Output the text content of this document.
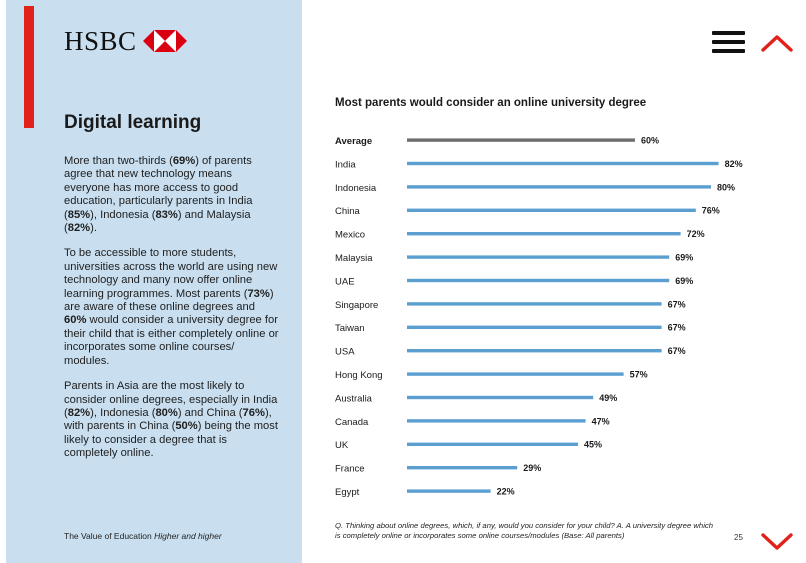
HSBC
Digital learning

More than two-thirds (69%) of parents agree that new technology means everyone has more access to good education, particularly parents in India (85%), Indonesia (83%) and Malaysia (82%).

To be accessible to more students, universities across the world are using new technology and many now offer online learning programmes. Most parents (73%) are aware of these online degrees and 60% would consider a university degree for their child that is either completely online or incorporates some online courses/ modules.

Parents in Asia are the most likely to consider online degrees, especially in India (82%), Indonesia (80%) and China (76%), with parents in China (50%) being the most likely to consider a degree that is completely online.

The Value of Education Higher and higher
Most parents would consider an online university degree
Average	60%
India	82%
Indonesia	80%
China	76%
Mexico	72%
Malaysia	69%
UAE	69%
Singapore	67%
Taiwan	67%
USA	67%
Hong Kong	57%
Australia	49%
Canada	47%
UK	45%
France	29%
Egypt	22%
Q. Thinking about online degrees, which, if any, would you consider for your child? A. A university degree which is completely online or incorporates some online courses/modules (Base: All parents)	25
